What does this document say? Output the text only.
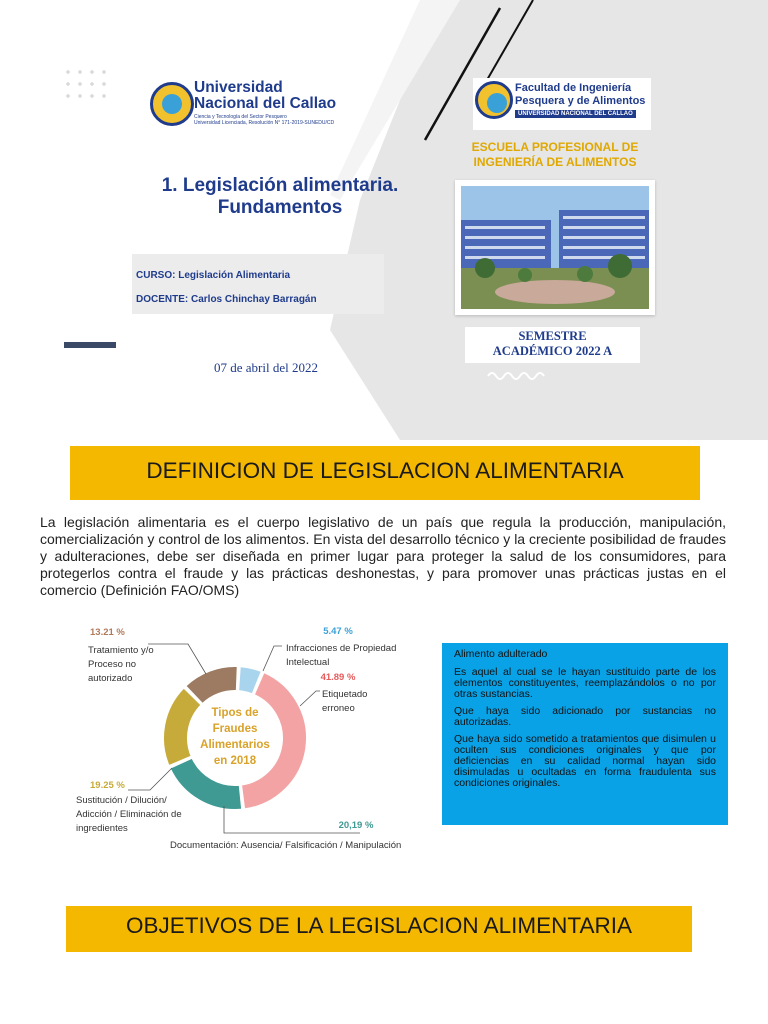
Universidad
Nacional del Callao
Ciencia y Tecnología del Sector Pesquero
Universidad Licenciada, Resolución N° 171-2019-SUNEDU/CD
Facultad de Ingeniería
Pesquera y de Alimentos
UNIVERSIDAD NACIONAL DEL CALLAO
ESCUELA PROFESIONAL DE
INGENIERÍA DE ALIMENTOS
1. Legislación alimentaria.
Fundamentos
CURSO: Legislación Alimentaria
DOCENTE: Carlos Chinchay Barragán
07 de abril del 2022
SEMESTRE
ACADÉMICO 2022 A
DEFINICION DE LEGISLACION ALIMENTARIA
La legislación alimentaria es el cuerpo legislativo de un país que regula la producción, manipulación, comercialización y control de los alimentos. En vista del desarrollo técnico y la creciente posibilidad de fraudes y adulteraciones, debe ser diseñada en primer lugar para proteger la salud de los consumidores, para protegerlos contra el fraude y las prácticas deshonestas, y para promover unas prácticas justas en el comercio (Definición FAO/OMS)
Tipos de
Fraudes
Alimentarios
en 2018
5.47 %
Infracciones de Propiedad
Intelectual
41.89 %
Etiquetado
erroneo
20,19 %
Documentación: Ausencia/ Falsificación / Manipulación
19.25 %
Sustitución / Dilución/
Adicción / Eliminación de
ingredientes
13.21 %
Tratamiento y/o
Proceso no
autorizado

Alimento adulterado

Es aquel al cual se le hayan sustituido parte de los elementos constituyentes, reemplazándolos o no por otras sustancias.

Que haya sido adicionado por sustancias no autorizadas.

Que haya sido sometido a tratamientos que disimulen u oculten sus condiciones originales y que por deficiencias en su calidad normal hayan sido disimuladas u ocultadas en forma fraudulenta sus condiciones originales.

OBJETIVOS DE LA LEGISLACION ALIMENTARIA
